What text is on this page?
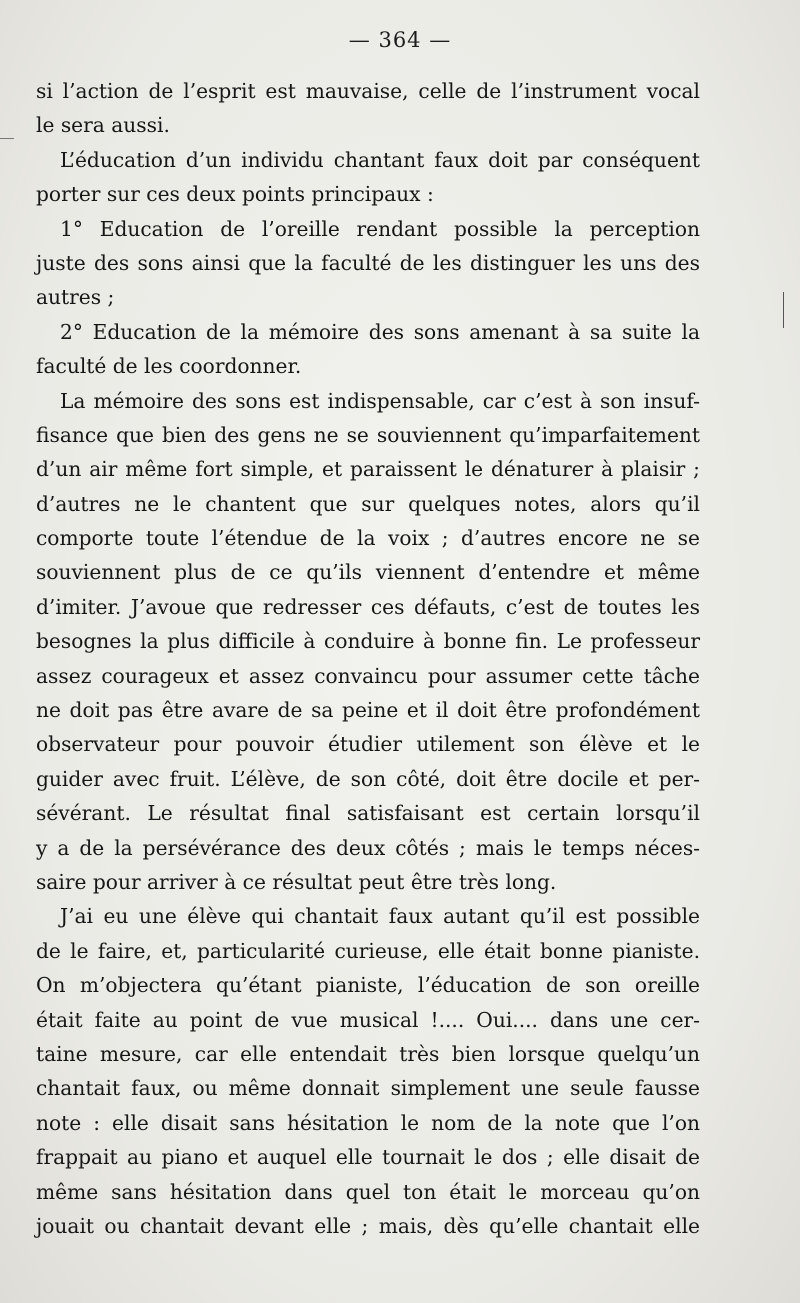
— 364 —
si l’action de l’esprit est mauvaise, celle de l’instrument vocal
le sera aussi.
L’éducation d’un individu chantant faux doit par conséquent
porter sur ces deux points principaux :
1° Education de l’oreille rendant possible la perception
juste des sons ainsi que la faculté de les distinguer les uns des
autres ;
2° Education de la mémoire des sons amenant à sa suite la
faculté de les coordonner.
La mémoire des sons est indispensable, car c’est à son insuf-
fisance que bien des gens ne se souviennent qu’imparfaitement
d’un air même fort simple, et paraissent le dénaturer à plaisir ;
d’autres ne le chantent que sur quelques notes, alors qu’il
comporte toute l’étendue de la voix ; d’autres encore ne se
souviennent plus de ce qu’ils viennent d’entendre et même
d’imiter. J’avoue que redresser ces défauts, c’est de toutes les
besognes la plus difficile à conduire à bonne fin. Le professeur
assez courageux et assez convaincu pour assumer cette tâche
ne doit pas être avare de sa peine et il doit être profondément
observateur pour pouvoir étudier utilement son élève et le
guider avec fruit. L’élève, de son côté, doit être docile et per-
sévérant. Le résultat final satisfaisant est certain lorsqu’il
y a de la persévérance des deux côtés ; mais le temps néces-
saire pour arriver à ce résultat peut être très long.
J’ai eu une élève qui chantait faux autant qu’il est possible
de le faire, et, particularité curieuse, elle était bonne pianiste.
On m’objectera qu’étant pianiste, l’éducation de son oreille
était faite au point de vue musical !.... Oui.... dans une cer-
taine mesure, car elle entendait très bien lorsque quelqu’un
chantait faux, ou même donnait simplement une seule fausse
note : elle disait sans hésitation le nom de la note que l’on
frappait au piano et auquel elle tournait le dos ; elle disait de
même sans hésitation dans quel ton était le morceau qu’on
jouait ou chantait devant elle ; mais, dès qu’elle chantait elle
